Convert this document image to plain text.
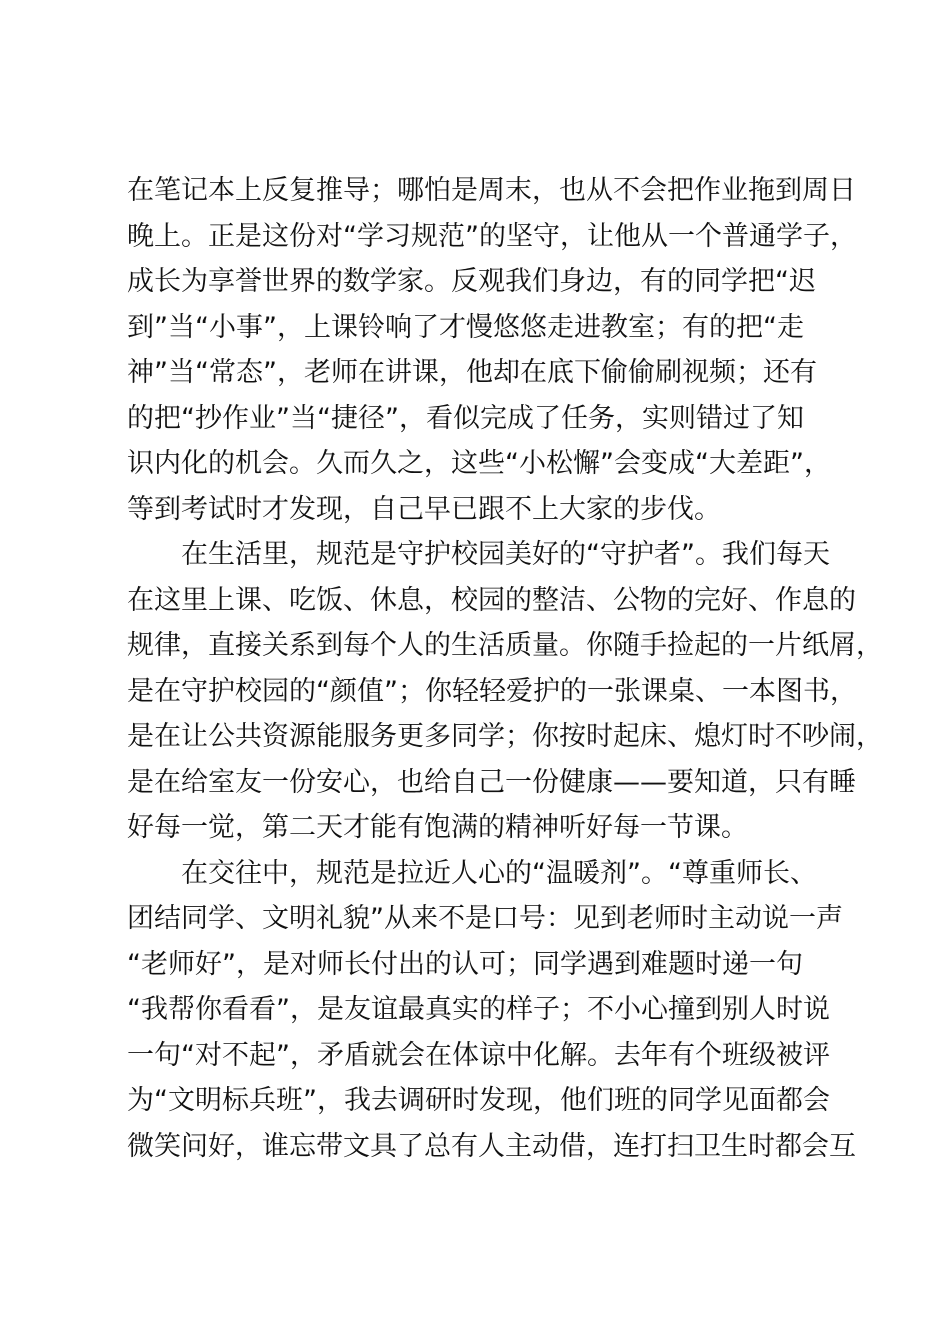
在笔记本上反复推导；哪怕是周末，也从不会把作业拖到周日
晚上。正是这份对“学习规范”的坚守，让他从一个普通学子，
成长为享誉世界的数学家。反观我们身边，有的同学把“迟
到”当“小事”，上课铃响了才慢悠悠走进教室；有的把“走
神”当“常态”，老师在讲课，他却在底下偷偷刷视频；还有
的把“抄作业”当“捷径”，看似完成了任务，实则错过了知
识内化的机会。久而久之，这些“小松懈”会变成“大差距”，
等到考试时才发现，自己早已跟不上大家的步伐。
在生活里，规范是守护校园美好的“守护者”。我们每天
在这里上课、吃饭、休息，校园的整洁、公物的完好、作息的
规律，直接关系到每个人的生活质量。你随手捡起的一片纸屑，
是在守护校园的“颜值”；你轻轻爱护的一张课桌、一本图书，
是在让公共资源能服务更多同学；你按时起床、熄灯时不吵闹，
是在给室友一份安心，也给自己一份健康——要知道，只有睡
好每一觉，第二天才能有饱满的精神听好每一节课。
在交往中，规范是拉近人心的“温暖剂”。“尊重师长、
团结同学、文明礼貌”从来不是口号：见到老师时主动说一声
“老师好”，是对师长付出的认可；同学遇到难题时递一句
“我帮你看看”，是友谊最真实的样子；不小心撞到别人时说
一句“对不起”，矛盾就会在体谅中化解。去年有个班级被评
为“文明标兵班”，我去调研时发现，他们班的同学见面都会
微笑问好，谁忘带文具了总有人主动借，连打扫卫生时都会互
